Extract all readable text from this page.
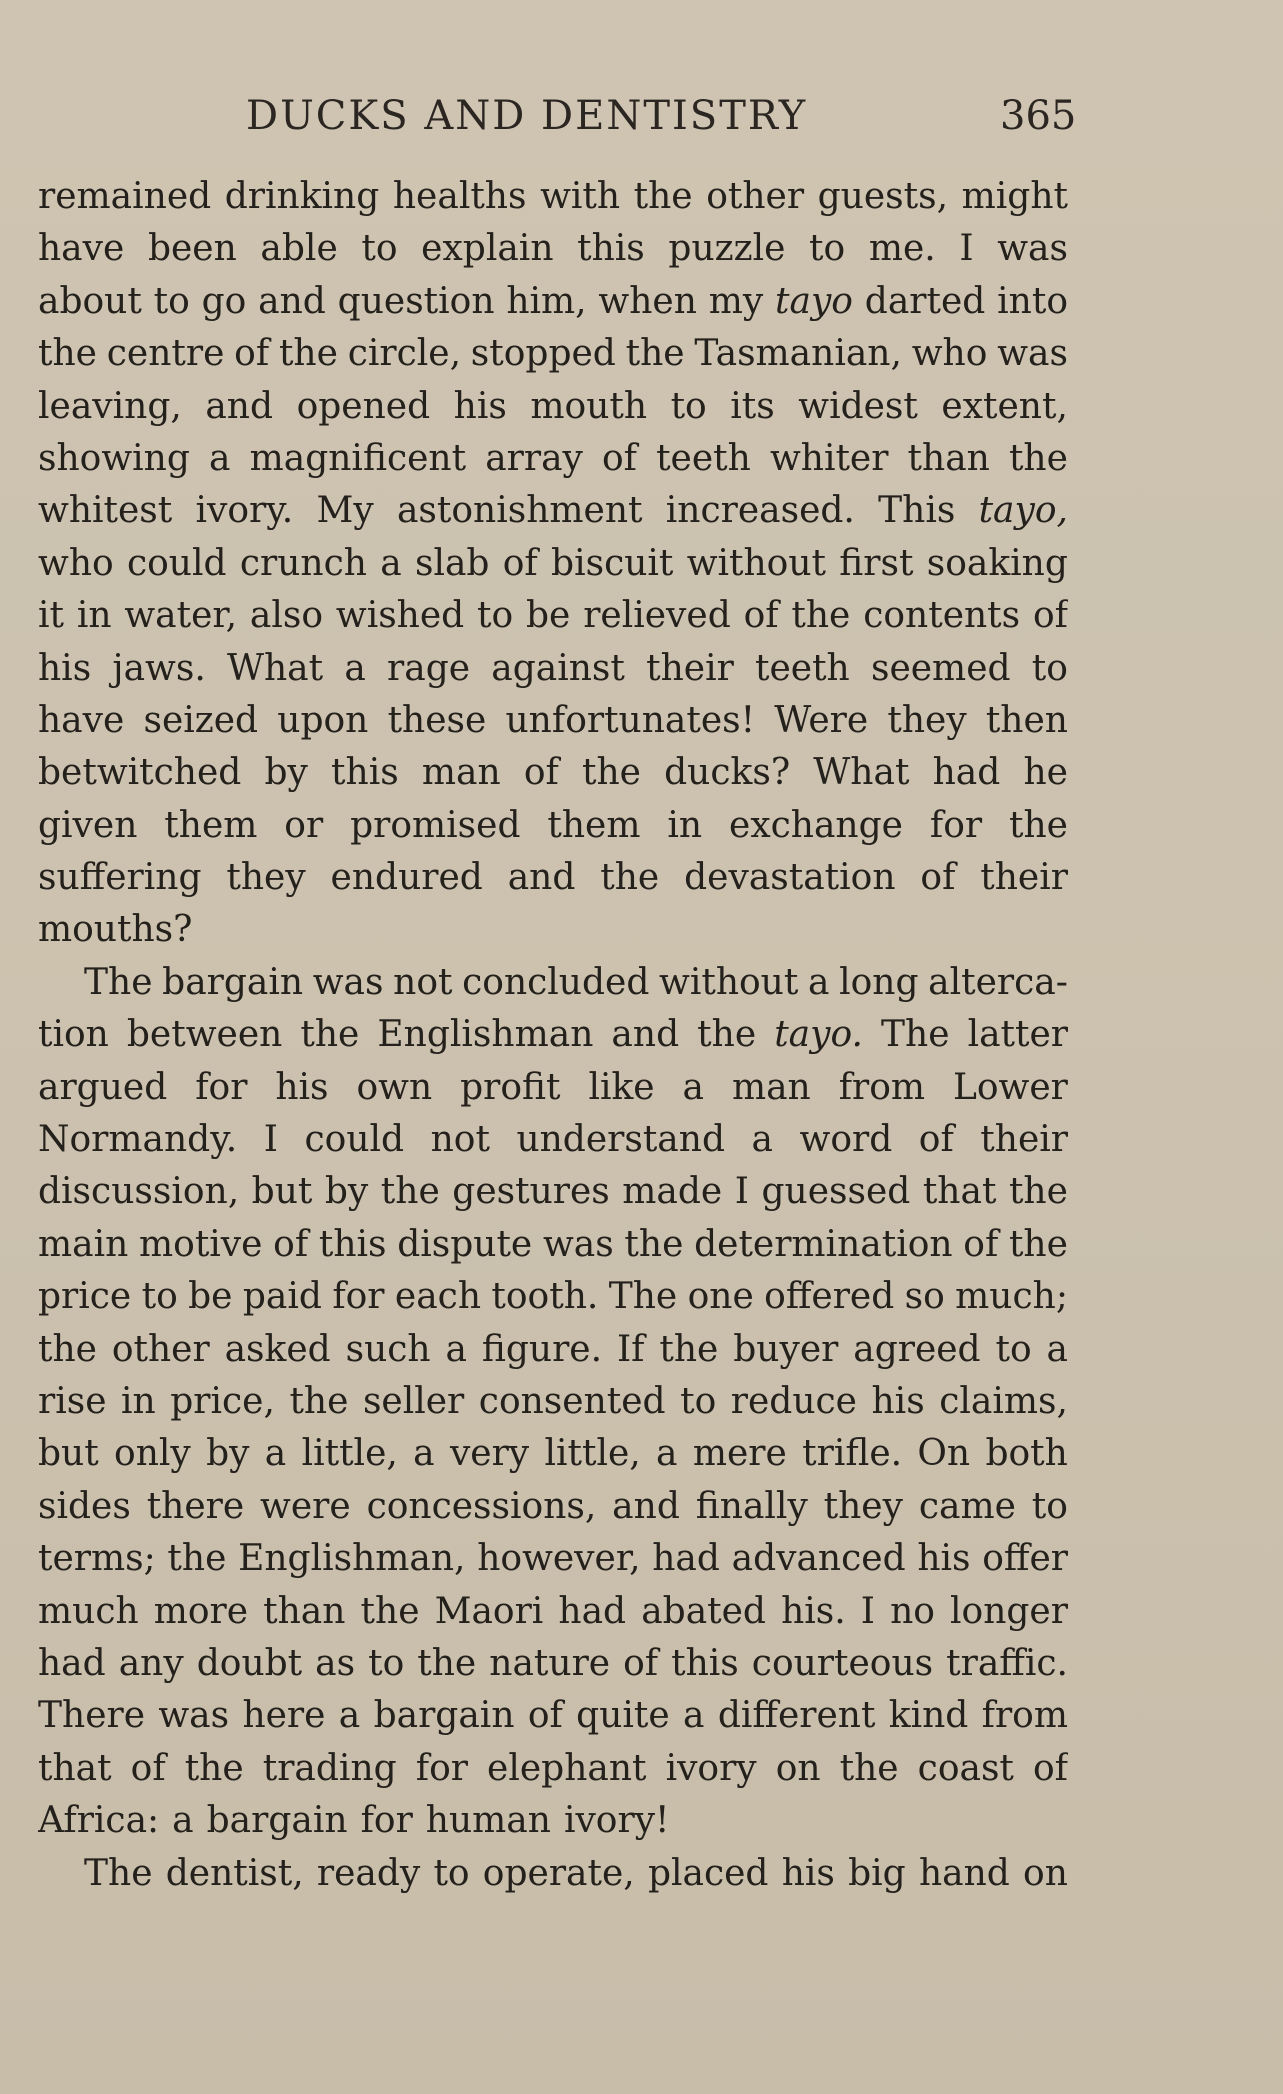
DUCKS AND DENTISTRY	365
remained drinking healths with the other guests, might
have been able to explain this puzzle to me. I was
about to go and question him, when my tayo darted into
the centre of the circle, stopped the Tasmanian, who was
leaving, and opened his mouth to its widest extent,
showing a magnificent array of teeth whiter than the
whitest ivory. My astonishment increased. This tayo,
who could crunch a slab of biscuit without first soaking
it in water, also wished to be relieved of the contents of
his jaws. What a rage against their teeth seemed to
have seized upon these unfortunates! Were they then
betwitched by this man of the ducks? What had he
given them or promised them in exchange for the
suffering they endured and the devastation of their
mouths?
The bargain was not concluded without a long alterca-
tion between the Englishman and the tayo. The latter
argued for his own profit like a man from Lower
Normandy. I could not understand a word of their
discussion, but by the gestures made I guessed that the
main motive of this dispute was the determination of the
price to be paid for each tooth. The one offered so much;
the other asked such a figure. If the buyer agreed to a
rise in price, the seller consented to reduce his claims,
but only by a little, a very little, a mere trifle. On both
sides there were concessions, and finally they came to
terms; the Englishman, however, had advanced his offer
much more than the Maori had abated his. I no longer
had any doubt as to the nature of this courteous traffic.
There was here a bargain of quite a different kind from
that of the trading for elephant ivory on the coast of
Africa: a bargain for human ivory!
The dentist, ready to operate, placed his big hand on
